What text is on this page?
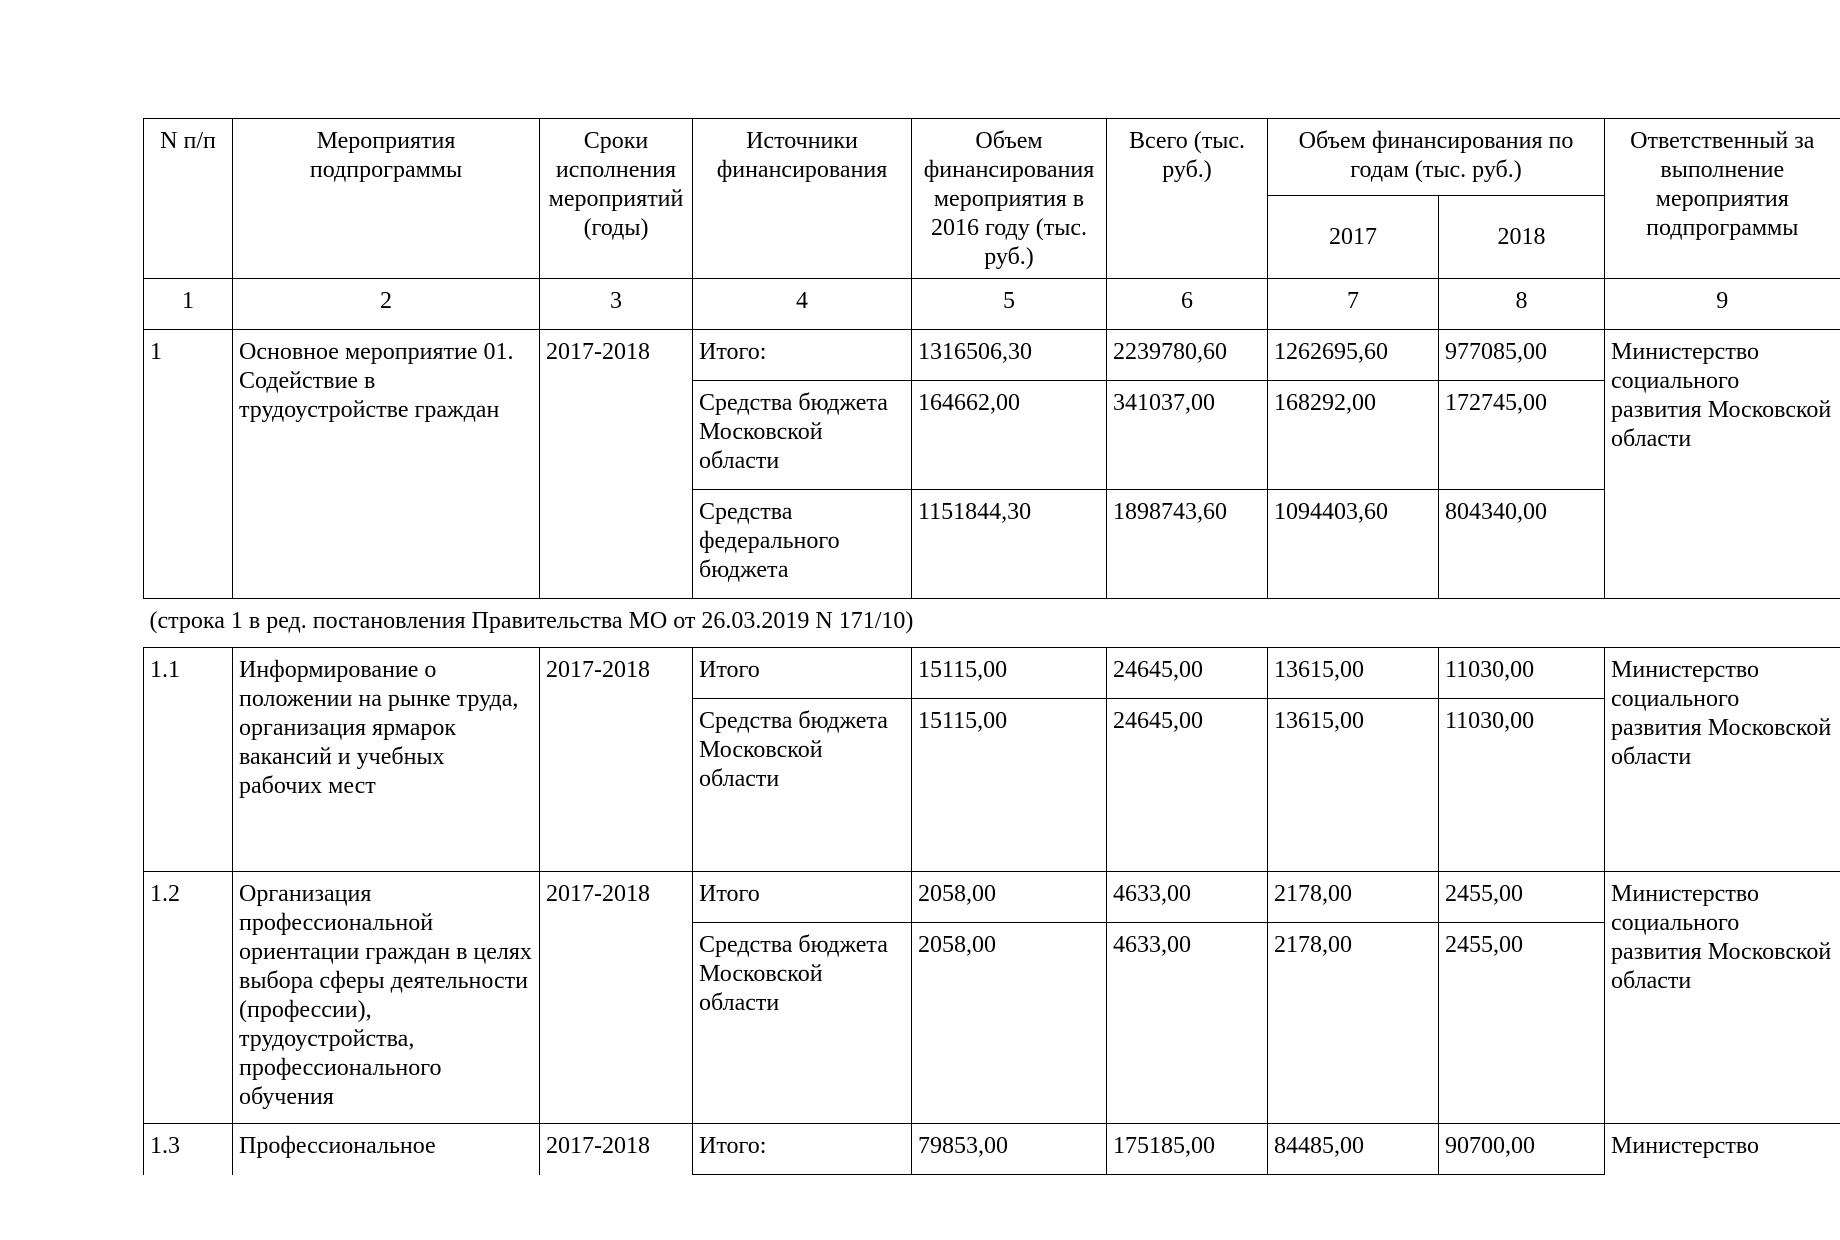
N п/п	Мероприятия подпрограммы	Сроки исполнения мероприятий (годы)	Источники финансирования	Объем финансирования мероприятия в 2016 году (тыс. руб.)	Всего (тыс. руб.)	Объем финансирования по годам (тыс. руб.)		Ответственный за выполнение мероприятия подпрограммы
						2017	2018	
1	2	3	4	5	6	7	8	9
1	Основное мероприятие 01. Содействие в трудоустройстве граждан	2017-2018	Итого:	1316506,30	2239780,60	1262695,60	977085,00	Министерство социального развития Московской области
			Средства бюджета Московской области	164662,00	341037,00	168292,00	172745,00	
			Средства федерального бюджета	1151844,30	1898743,60	1094403,60	804340,00	
(строка 1 в ред. постановления Правительства МО от 26.03.2019 N 171/10)								
1.1	Информирование о положении на рынке труда, организация ярмарок вакансий и учебных рабочих мест	2017-2018	Итого	15115,00	24645,00	13615,00	11030,00	Министерство социального развития Московской области
			Средства бюджета Московской области	15115,00	24645,00	13615,00	11030,00	
1.2	Организация профессиональной ориентации граждан в целях выбора сферы деятельности (профессии), трудоустройства, профессионального обучения	2017-2018	Итого	2058,00	4633,00	2178,00	2455,00	Министерство социального развития Московской области
			Средства бюджета Московской области	2058,00	4633,00	2178,00	2455,00	
1.3	Профессиональное	2017-2018	Итого:	79853,00	175185,00	84485,00	90700,00	Министерство
